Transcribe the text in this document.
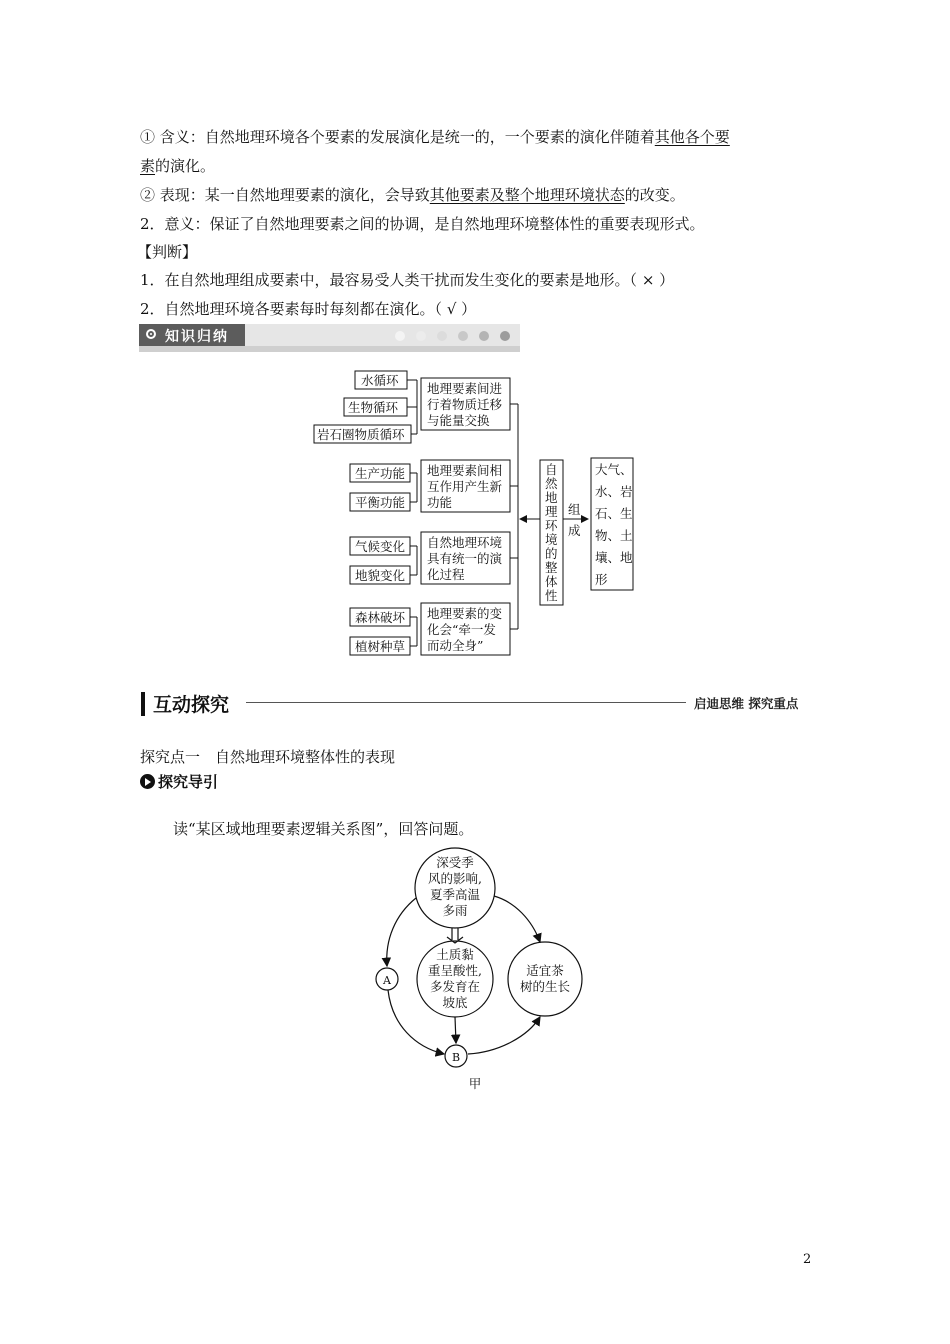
① 含义：自然地理环境各个要素的发展演化是统一的，一个要素的演化伴随着其他各个要
素的演化。
② 表现：某一自然地理要素的演化，会导致其他要素及整个地理环境状态的改变。
2．意义：保证了自然地理要素之间的协调，是自然地理环境整体性的重要表现形式。
【判断】
1．在自然地理组成要素中，最容易受人类干扰而发生变化的要素是地形。（ × ）
2．自然地理环境各要素每时每刻都在演化。（ √ ）
知识归纳
水循环
生物循环
岩石圈物质循环
地理要素间进
行着物质迁移
与能量交换
生产功能
平衡功能
地理要素间相
互作用产生新
功能
气候变化
地貌变化
自然地理环境
具有统一的演
化过程
森林破坏
植树种草
地理要素的变
化会“牵一发
而动全身”
自
然
地
理
环
境
的
整
体
性
组
成
大气、
水、岩
石、生
物、土
壤、地
形
互动探究	启迪思维 探究重点
探究点一　自然地理环境整体性的表现
探究导引
读“某区域地理要素逻辑关系图”，回答问题。
深受季
风的影响,
夏季高温
多雨
土质黏
重呈酸性,
多发育在
坡底
适宜茶
树的生长
A
B
甲
2
